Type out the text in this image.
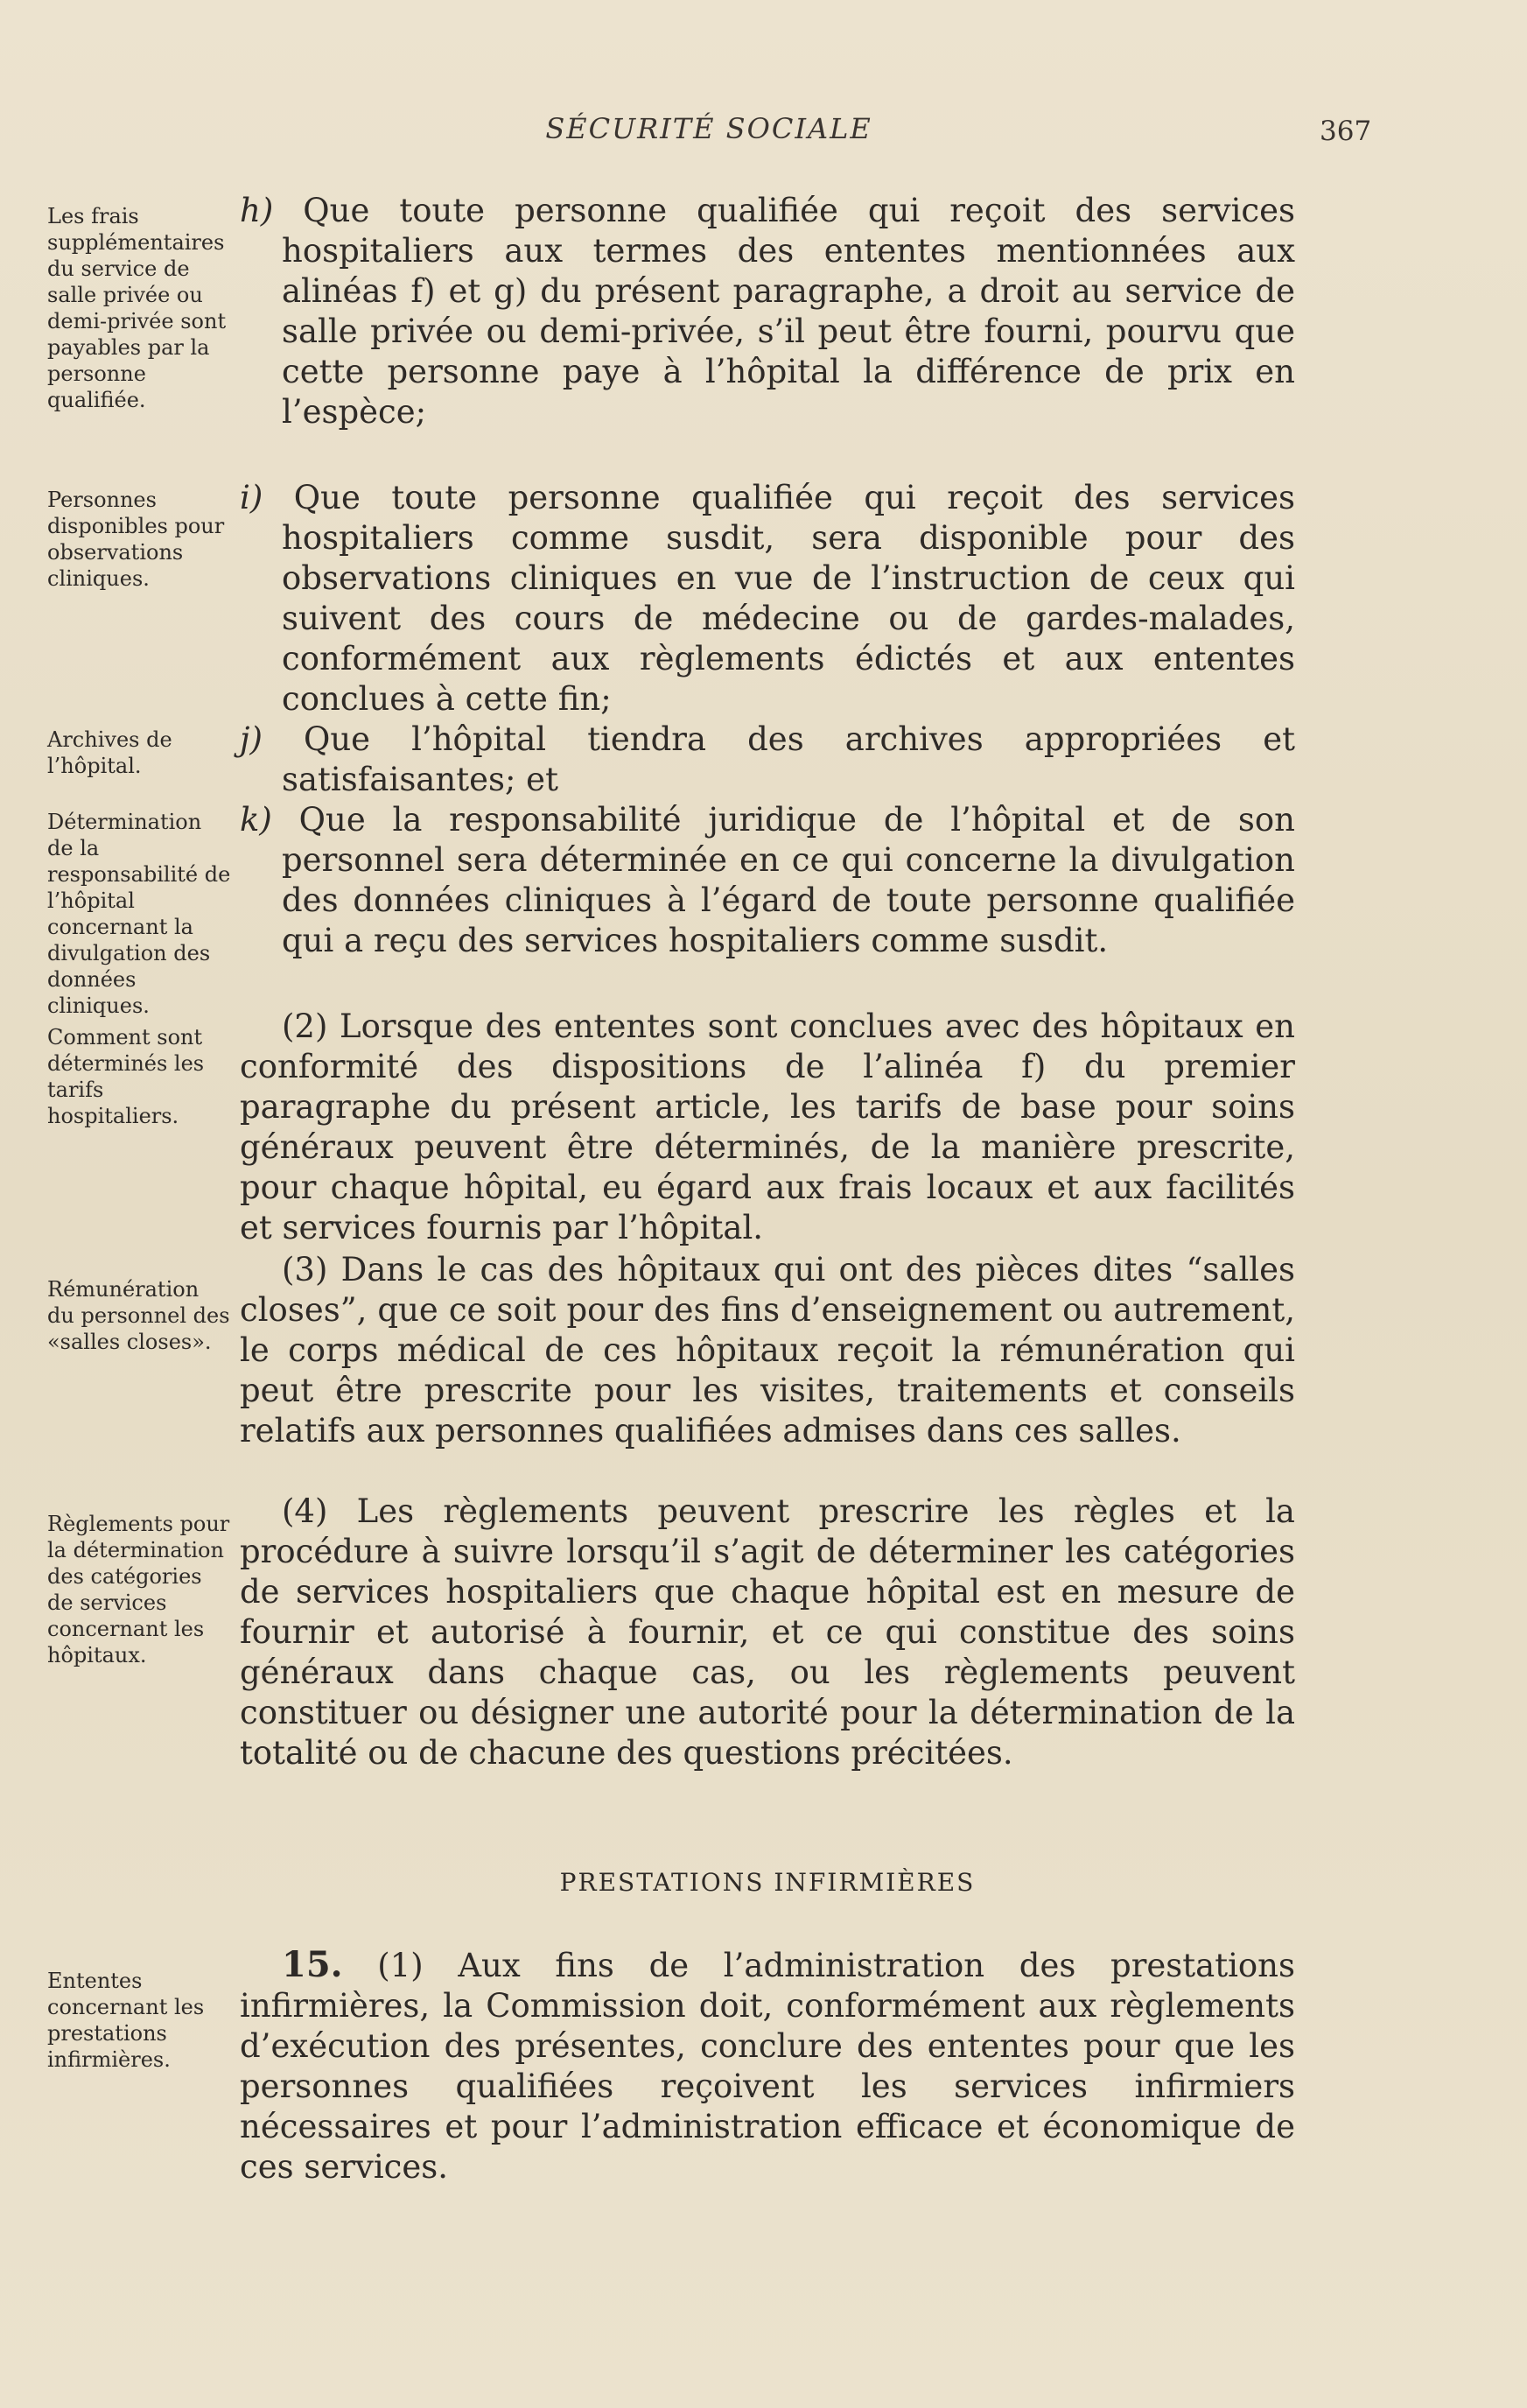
SÉCURITÉ SOCIALE	367
Les frais supplémentaires du service de salle privée ou demi-privée sont payables par la personne qualifiée.
Personnes disponibles pour observations cliniques.
Archives de l’hôpital.
Détermination de la responsabilité de l’hôpital concernant la divulgation des données cliniques.
Comment sont déterminés les tarifs hospitaliers.
Rémunération du personnel des «salles closes».
Règlements pour la détermination des catégories de services concernant les hôpitaux.
Ententes concernant les prestations infirmières.
h) Que toute personne qualifiée qui reçoit des services hospitaliers aux termes des ententes mentionnées aux alinéas f) et g) du présent paragraphe, a droit au service de salle privée ou demi-privée, s’il peut être fourni, pourvu que cette personne paye à l’hôpital la différence de prix en l’espèce;
i) Que toute personne qualifiée qui reçoit des services hospitaliers comme susdit, sera disponible pour des observations cliniques en vue de l’instruction de ceux qui suivent des cours de médecine ou de gardes-malades, conformément aux règlements édictés et aux ententes conclues à cette fin;
j) Que l’hôpital tiendra des archives appropriées et satisfaisantes; et
k) Que la responsabilité juridique de l’hôpital et de son personnel sera déterminée en ce qui concerne la divulgation des données cliniques à l’égard de toute personne qualifiée qui a reçu des services hospitaliers comme susdit.
(2) Lorsque des ententes sont conclues avec des hôpitaux en conformité des dispositions de l’alinéa f) du premier paragraphe du présent article, les tarifs de base pour soins généraux peuvent être déterminés, de la manière prescrite, pour chaque hôpital, eu égard aux frais locaux et aux facilités et services fournis par l’hôpital.
(3) Dans le cas des hôpitaux qui ont des pièces dites “salles closes”, que ce soit pour des fins d’enseignement ou autrement, le corps médical de ces hôpitaux reçoit la rémunération qui peut être prescrite pour les visites, traitements et conseils relatifs aux personnes qualifiées admises dans ces salles.
(4) Les règlements peuvent prescrire les règles et la procédure à suivre lorsqu’il s’agit de déterminer les catégories de services hospitaliers que chaque hôpital est en mesure de fournir et autorisé à fournir, et ce qui constitue des soins généraux dans chaque cas, ou les règlements peuvent constituer ou désigner une autorité pour la détermination de la totalité ou de chacune des questions précitées.
PRESTATIONS INFIRMIÈRES
15. (1) Aux fins de l’administration des prestations infirmières, la Commission doit, conformément aux règlements d’exécution des présentes, conclure des ententes pour que les personnes qualifiées reçoivent les services infirmiers nécessaires et pour l’administration efficace et économique de ces services.
